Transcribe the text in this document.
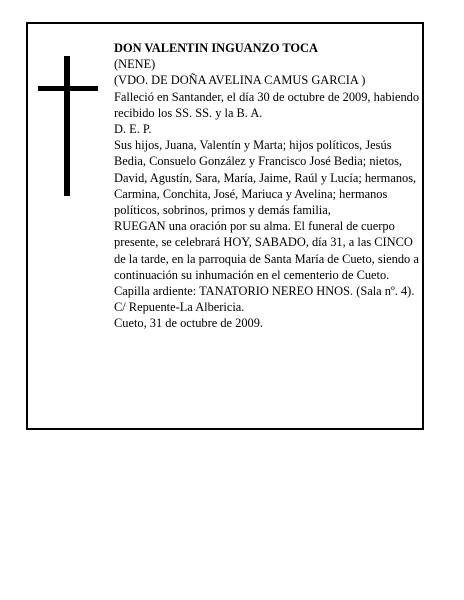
DON VALENTIN INGUANZO TOCA

(NENE)

(VDO. DE DOÑA AVELINA CAMUS GARCIA )

Falleció en Santander, el día 30 de octubre de 2009, habiendo recibido los SS. SS. y la B. A.

D. E. P.

Sus hijos, Juana, Valentín y Marta; hijos políticos, Jesús Bedia, Consuelo González y Francisco José Bedia; nietos, David, Agustín, Sara, María, Jaime, Raúl y Lucía; hermanos, Carmina, Conchita, José, Mariuca y Avelina; hermanos políticos, sobrinos, primos y demás familia,

RUEGAN una oración por su alma. El funeral de cuerpo presente, se celebrará HOY, SABADO, día 31, a las CINCO de la tarde, en la parroquia de Santa María de Cueto, siendo a continuación su inhumación en el cementerio de Cueto.

Capilla ardiente: TANATORIO NEREO HNOS. (Sala nº. 4). C/ Repuente-La Albericia.

Cueto, 31 de octubre de 2009.
